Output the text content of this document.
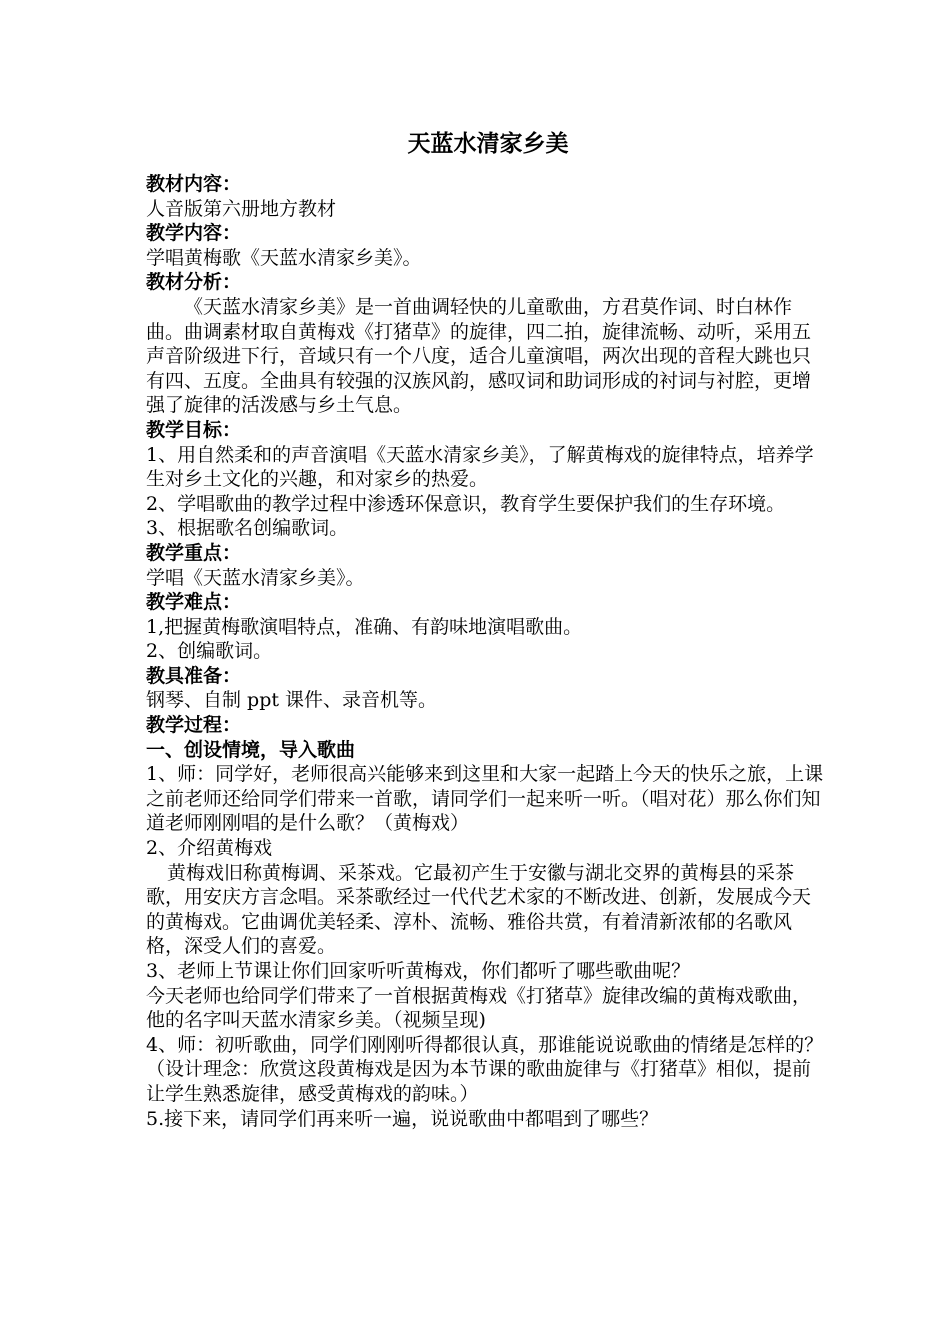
天蓝水清家乡美
教材内容：

人音版第六册地方教材

教学内容：

学唱黄梅歌《天蓝水清家乡美》。

教材分析：

《天蓝水清家乡美》是一首曲调轻快的儿童歌曲，方君莫作词、时白林作曲。曲调素材取自黄梅戏《打猪草》的旋律，四二拍，旋律流畅、动听，采用五声音阶级进下行，音域只有一个八度，适合儿童演唱，两次出现的音程大跳也只有四、五度。全曲具有较强的汉族风韵，感叹词和助词形成的衬词与衬腔，更增强了旋律的活泼感与乡土气息。

教学目标：

1、用自然柔和的声音演唱《天蓝水清家乡美》，了解黄梅戏的旋律特点，培养学生对乡土文化的兴趣，和对家乡的热爱。

2、学唱歌曲的教学过程中渗透环保意识，教育学生要保护我们的生存环境。

3、根据歌名创编歌词。

教学重点：

学唱《天蓝水清家乡美》。

教学难点：

1,把握黄梅歌演唱特点，准确、有韵味地演唱歌曲。

2、创编歌词。

教具准备：

钢琴、自制 ppt 课件、录音机等。

教学过程：
一、创设情境，导入歌曲

1、师：同学好，老师很高兴能够来到这里和大家一起踏上今天的快乐之旅，上课之前老师还给同学们带来一首歌，请同学们一起来听一听。（唱对花）那么你们知道老师刚刚唱的是什么歌？（黄梅戏）

2、介绍黄梅戏

黄梅戏旧称黄梅调、采茶戏。它最初产生于安徽与湖北交界的黄梅县的采茶歌，用安庆方言念唱。采茶歌经过一代代艺术家的不断改进、创新，发展成今天的黄梅戏。它曲调优美轻柔、淳朴、流畅、雅俗共赏，有着清新浓郁的名歌风格，深受人们的喜爱。

3、老师上节课让你们回家听听黄梅戏，你们都听了哪些歌曲呢？

今天老师也给同学们带来了一首根据黄梅戏《打猪草》旋律改编的黄梅戏歌曲，他的名字叫天蓝水清家乡美。（视频呈现)

4、师：初听歌曲，同学们刚刚听得都很认真，那谁能说说歌曲的情绪是怎样的？

（设计理念：欣赏这段黄梅戏是因为本节课的歌曲旋律与《打猪草》相似，提前让学生熟悉旋律，感受黄梅戏的韵味。）

5.接下来，请同学们再来听一遍，说说歌曲中都唱到了哪些？
